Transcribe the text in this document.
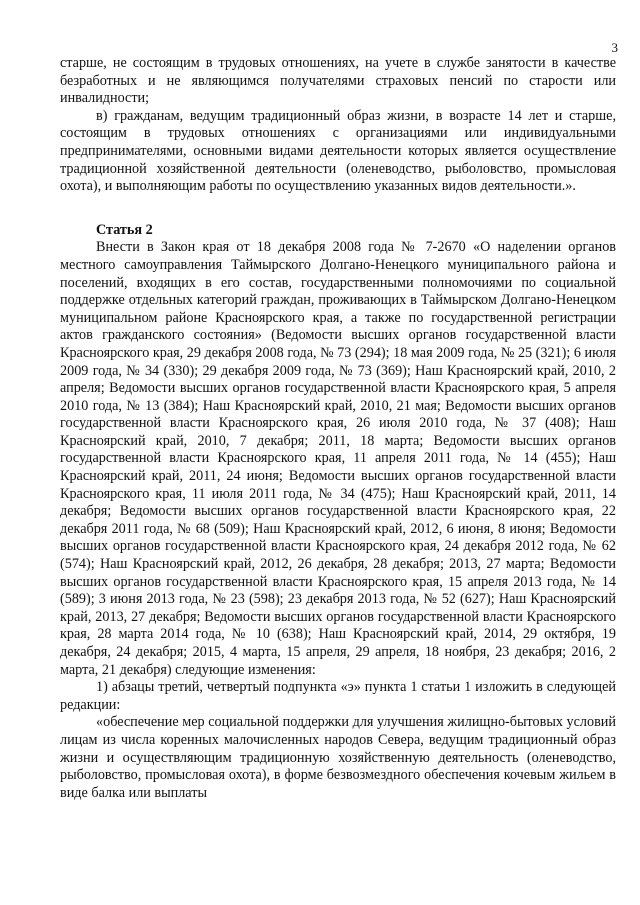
3

старше, не состоящим в трудовых отношениях, на учете в службе занятости в качестве безработных и не являющимся получателями страховых пенсий по старости или инвалидности;

в) гражданам, ведущим традиционный образ жизни, в возрасте 14 лет и старше, состоящим в трудовых отношениях с организациями или индивидуальными предпринимателями, основными видами деятельности которых является осуществление традиционной хозяйственной деятельности (оленеводство, рыболовство, промысловая охота), и выполняющим работы по осуществлению указанных видов деятельности.».

Статья 2

Внести в Закон края от 18 декабря 2008 года № 7-2670 «О наделении органов местного самоуправления Таймырского Долгано-Ненецкого муниципального района и поселений, входящих в его состав, государственными полномочиями по социальной поддержке отдельных категорий граждан, проживающих в Таймырском Долгано-Ненецком муниципальном районе Красноярского края, а также по государственной регистрации актов гражданского состояния» (Ведомости высших органов государственной власти Красноярского края, 29 декабря 2008 года, № 73 (294); 18 мая 2009 года, № 25 (321); 6 июля 2009 года, № 34 (330); 29 декабря 2009 года, № 73 (369); Наш Красноярский край, 2010, 2 апреля; Ведомости высших органов государственной власти Красноярского края, 5 апреля 2010 года, № 13 (384); Наш Красноярский край, 2010, 21 мая; Ведомости высших органов государственной власти Красноярского края, 26 июля 2010 года, № 37 (408); Наш Красноярский край, 2010, 7 декабря; 2011, 18 марта; Ведомости высших органов государственной власти Красноярского края, 11 апреля 2011 года, № 14 (455); Наш Красноярский край, 2011, 24 июня; Ведомости высших органов государственной власти Красноярского края, 11 июля 2011 года, № 34 (475); Наш Красноярский край, 2011, 14 декабря; Ведомости высших органов государственной власти Красноярского края, 22 декабря 2011 года, № 68 (509); Наш Красноярский край, 2012, 6 июня, 8 июня; Ведомости высших органов государственной власти Красноярского края, 24 декабря 2012 года, № 62 (574); Наш Красноярский край, 2012, 26 декабря, 28 декабря; 2013, 27 марта; Ведомости высших органов государственной власти Красноярского края, 15 апреля 2013 года, № 14 (589); 3 июня 2013 года, № 23 (598); 23 декабря 2013 года, № 52 (627); Наш Красноярский край, 2013, 27 декабря; Ведомости высших органов государственной власти Красноярского края, 28 марта 2014 года, № 10 (638); Наш Красноярский край, 2014, 29 октября, 19 декабря, 24 декабря; 2015, 4 марта, 15 апреля, 29 апреля, 18 ноября, 23 декабря; 2016, 2 марта, 21 декабря) следующие изменения:

1) абзацы третий, четвертый подпункта «э» пункта 1 статьи 1 изложить в следующей редакции:

«обеспечение мер социальной поддержки для улучшения жилищно-бытовых условий лицам из числа коренных малочисленных народов Севера, ведущим традиционный образ жизни и осуществляющим традиционную хозяйственную деятельность (оленеводство, рыболовство, промысловая охота), в форме безвозмездного обеспечения кочевым жильем в виде балка или выплаты
